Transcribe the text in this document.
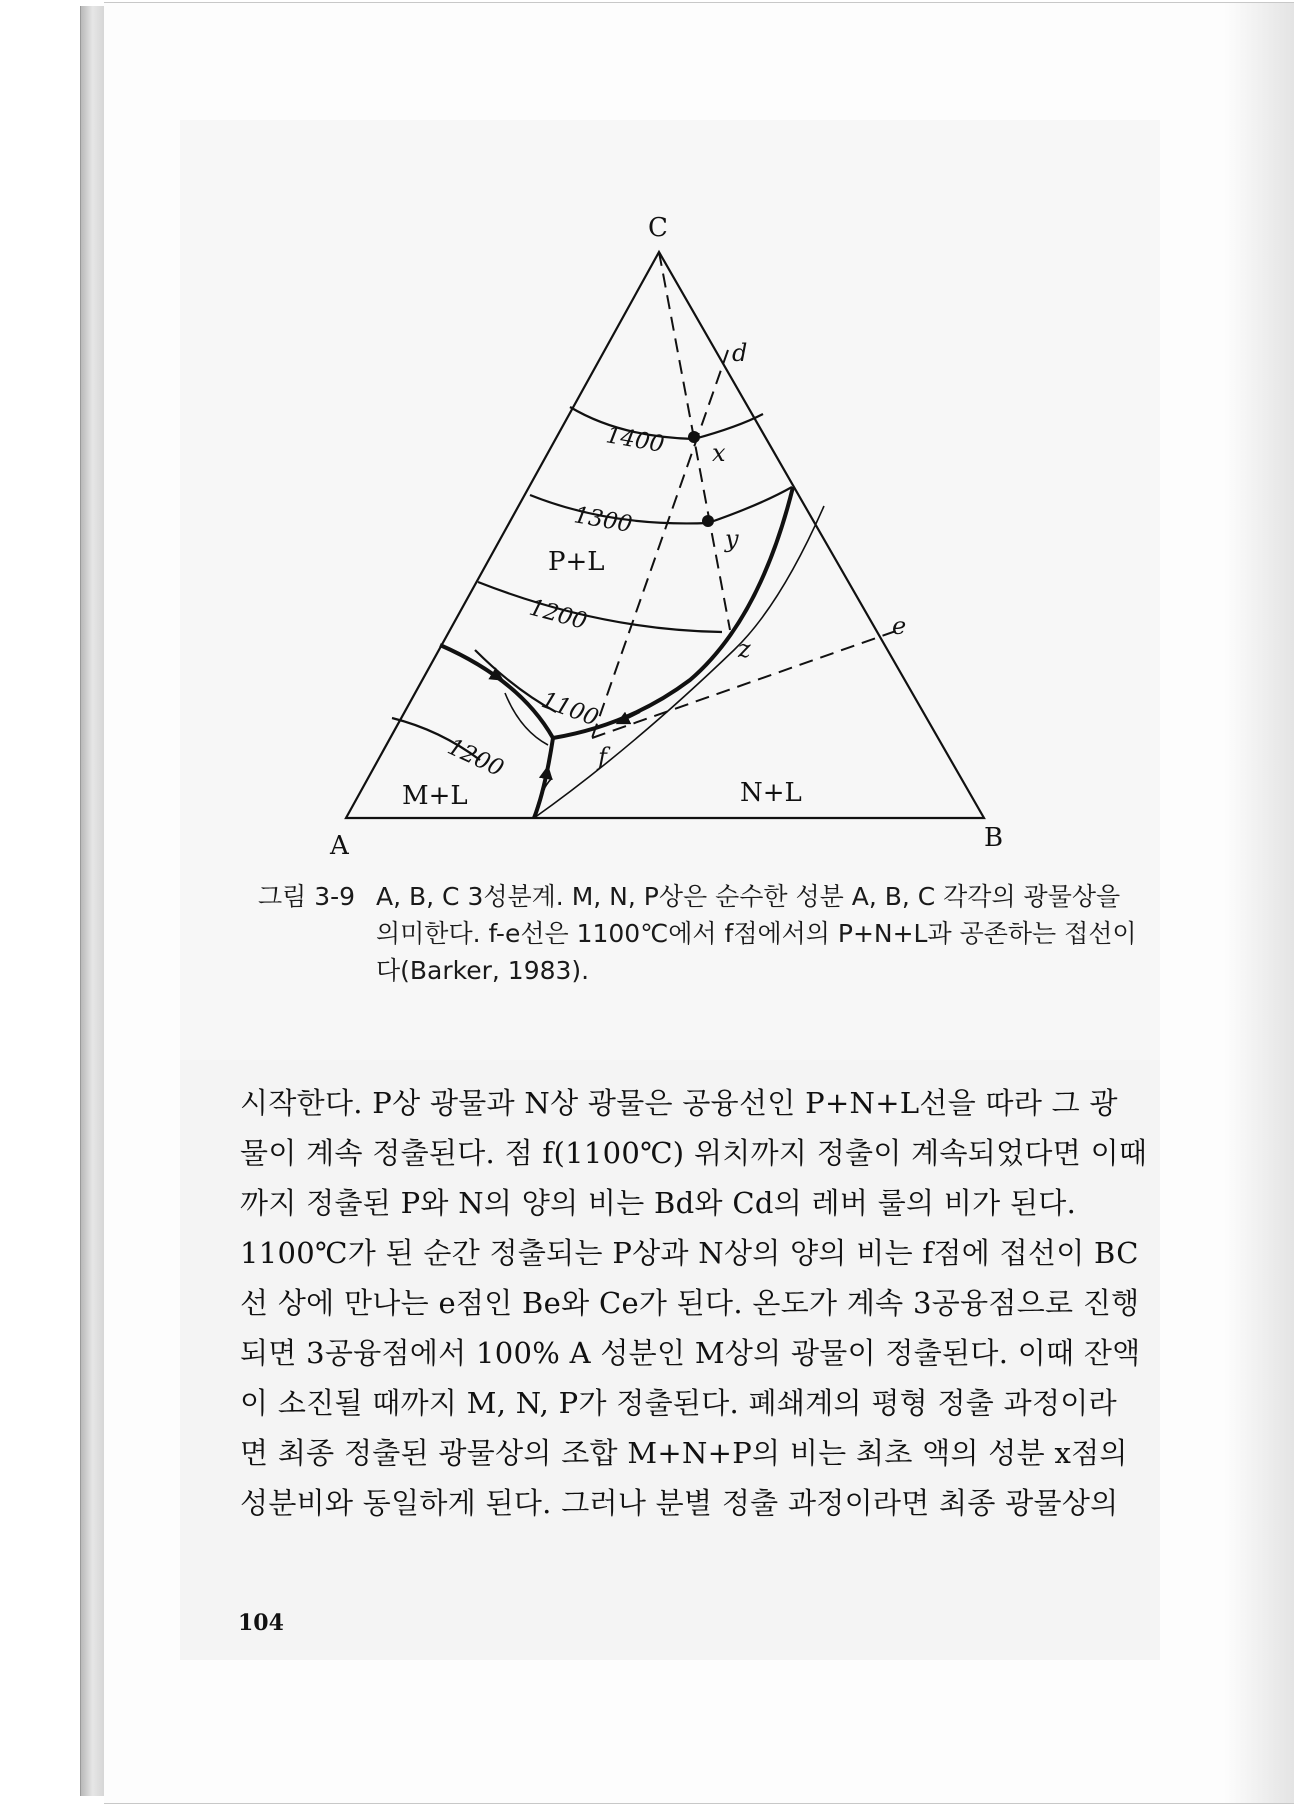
C
A	B
d
x
y
z
e
f
1400
1300
1200
1100
1200
P+L
M+L	N+L
그림 3-9 A, B, C 3성분계. M, N, P상은 순수한 성분 A, B, C 각각의 광물상을
의미한다. f-e선은 1100℃에서 f점에서의 P+N+L과 공존하는 접선이
다(Barker, 1983).
시작한다. P상 광물과 N상 광물은 공융선인 P+N+L선을 따라 그 광
물이 계속 정출된다. 점 f(1100℃) 위치까지 정출이 계속되었다면 이때
까지 정출된 P와 N의 양의 비는 Bd와 Cd의 레버 룰의 비가 된다.
1100℃가 된 순간 정출되는 P상과 N상의 양의 비는 f점에 접선이 BC
선 상에 만나는 e점인 Be와 Ce가 된다. 온도가 계속 3공융점으로 진행
되면 3공융점에서 100% A 성분인 M상의 광물이 정출된다. 이때 잔액
이 소진될 때까지 M, N, P가 정출된다. 폐쇄계의 평형 정출 과정이라
면 최종 정출된 광물상의 조합 M+N+P의 비는 최초 액의 성분 x점의
성분비와 동일하게 된다. 그러나 분별 정출 과정이라면 최종 광물상의
104
